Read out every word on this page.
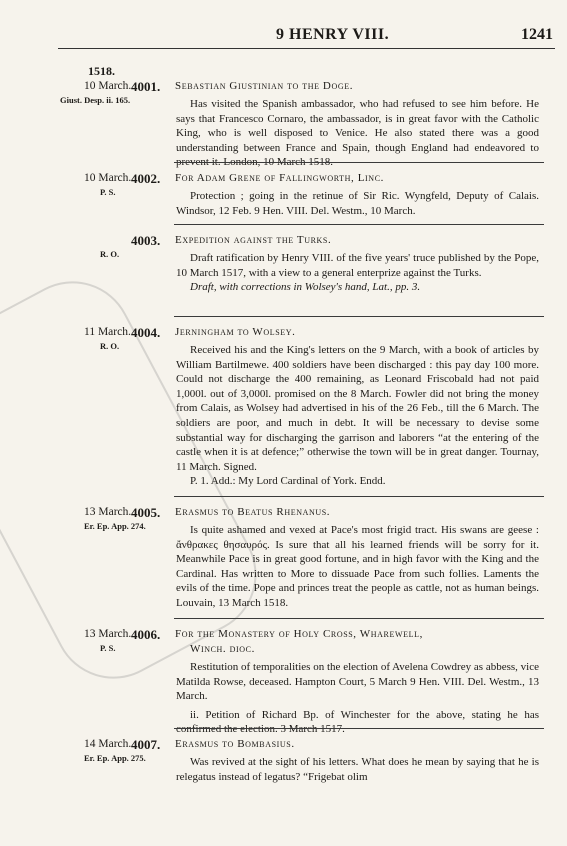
9 HENRY VIII.	1241
1518.
10 March. 4001.
Giust. Desp. ii. 165.
Sebastian Giustinian to the Doge.

Has visited the Spanish ambassador, who had refused to see him before. He says that Francesco Cornaro, the ambassador, is in great favor with the Catholic King, who is well disposed to Venice. He also stated there was a good understanding between France and Spain, though England had endeavored to prevent it. London, 10 March 1518.

10 March. 4002.
P. S.
For Adam Grene of Fallingworth, Linc.

Protection ; going in the retinue of Sir Ric. Wyngfeld, Deputy of Calais. Windsor, 12 Feb. 9 Hen. VIII. Del. Westm., 10 March.

4003.
R. O.
Expedition against the Turks.

Draft ratification by Henry VIII. of the five years' truce published by the Pope, 10 March 1517, with a view to a general enterprize against the Turks.

Draft, with corrections in Wolsey's hand, Lat., pp. 3.

11 March. 4004.
R. O.
Jerningham to Wolsey.

Received his and the King's letters on the 9 March, with a book of articles by William Bartilmewe. 400 soldiers have been discharged : this pay day 100 more. Could not discharge the 400 remaining, as Leonard Friscobald had not paid 1,000l. out of 3,000l. promised on the 8 March. Fowler did not bring the money from Calais, as Wolsey had advertised in his of the 26 Feb., till the 6 March. The soldiers are poor, and much in debt. It will be necessary to devise some substantial way for discharging the garrison and laborers “at the entering of the castle when it is at defence;” otherwise the town will be in great danger. Tournay, 11 March. Signed.

P. 1. Add.: My Lord Cardinal of York. Endd.

13 March. 4005.
Er. Ep. App. 274.
Erasmus to Beatus Rhenanus.

Is quite ashamed and vexed at Pace's most frigid tract. His swans are geese : ἄνθρακες θησαυρός. Is sure that all his learned friends will be sorry for it. Meanwhile Pace is in great good fortune, and in high favor with the King and the Cardinal. Has written to More to dissuade Pace from such follies. Laments the evils of the time. Pope and princes treat the people as cattle, not as human beings. Louvain, 13 March 1518.

13 March. 4006.
P. S.
For the Monastery of Holy Cross, Wharewell,
Winch. dioc.

Restitution of temporalities on the election of Avelena Cowdrey as abbess, vice Matilda Rowse, deceased. Hampton Court, 5 March 9 Hen. VIII. Del. Westm., 13 March.

ii. Petition of Richard Bp. of Winchester for the above, stating he has confirmed the election. 3 March 1517.

14 March. 4007.
Er. Ep. App. 275.
Erasmus to Bombasius.

Was revived at the sight of his letters. What does he mean by saying that he is relegatus instead of legatus? “Frigebat olim
